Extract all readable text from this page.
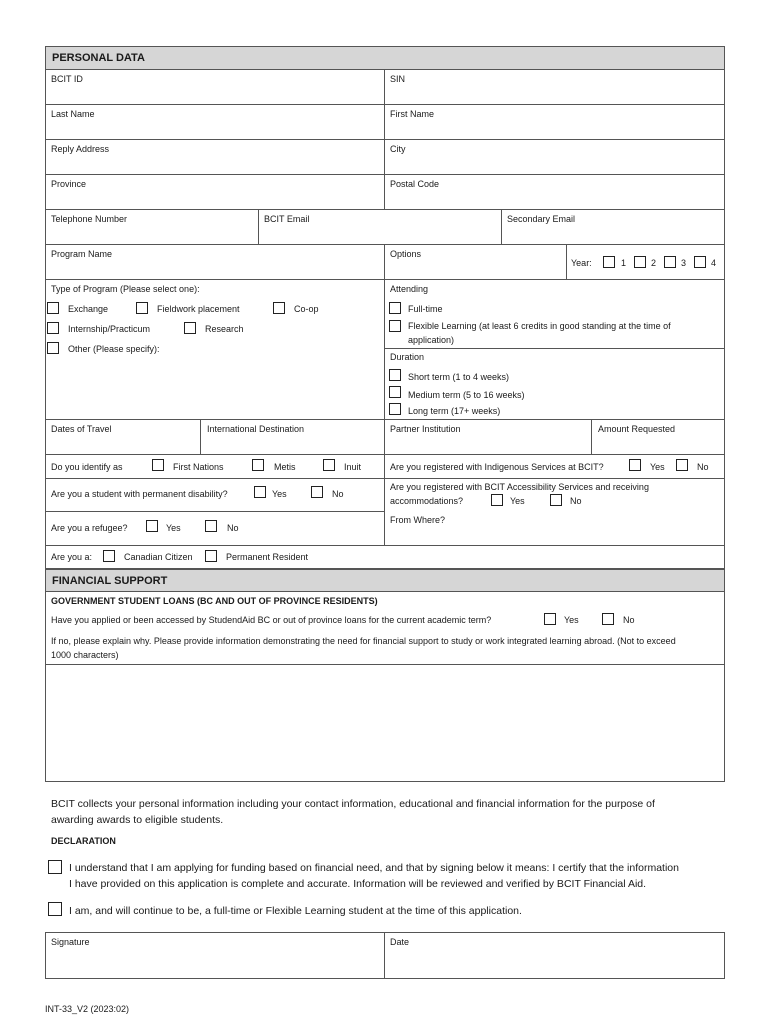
PERSONAL DATA
BCIT ID	SIN
Last Name	First Name
Reply Address	City
Province	Postal Code
Telephone Number	BCIT Email	Secondary Email
Program Name	Options
Year:	1	2	3	4
Type of Program (Please select one):
Exchange	Fieldwork placement	Co-op
Internship/Practicum	Research
Other (Please specify):
Attending
Full-time
Flexible Learning (at least 6 credits in good standing at the time of
application)
Duration
Short term (1 to 4 weeks)
Medium term (5 to 16 weeks)
Long term (17+ weeks)
Dates of Travel	International Destination	Partner Institution	Amount Requested
Do you identify as	First Nations	Metis	Inuit	Are you registered with Indigenous Services at BCIT?	Yes	No
Are you a student with permanent disability?	Yes	No
Are you registered with BCIT Accessibility Services and receiving
accommodations?	Yes	No
Are you a refugee?	Yes	No
From Where?
Are you a:	Canadian Citizen	Permanent Resident
FINANCIAL SUPPORT
GOVERNMENT STUDENT LOANS (BC AND OUT OF PROVINCE RESIDENTS)
Have you applied or been accessed by StudendAid BC or out of province loans for the current academic term?	Yes	No
If no, please explain why. Please provide information demonstrating the need for financial support to study or work integrated learning abroad. (Not to exceed
1000 characters)
BCIT collects your personal information including your contact information, educational and financial information for the purpose of
awarding awards to eligible students.
DECLARATION
I understand that I am applying for funding based on financial need, and that by signing below it means: I certify that the information
I have provided on this application is complete and accurate. Information will be reviewed and verified by BCIT Financial Aid.
I am, and will continue to be, a full-time or Flexible Learning student at the time of this application.
Signature	Date
INT-33_V2 (2023:02)
